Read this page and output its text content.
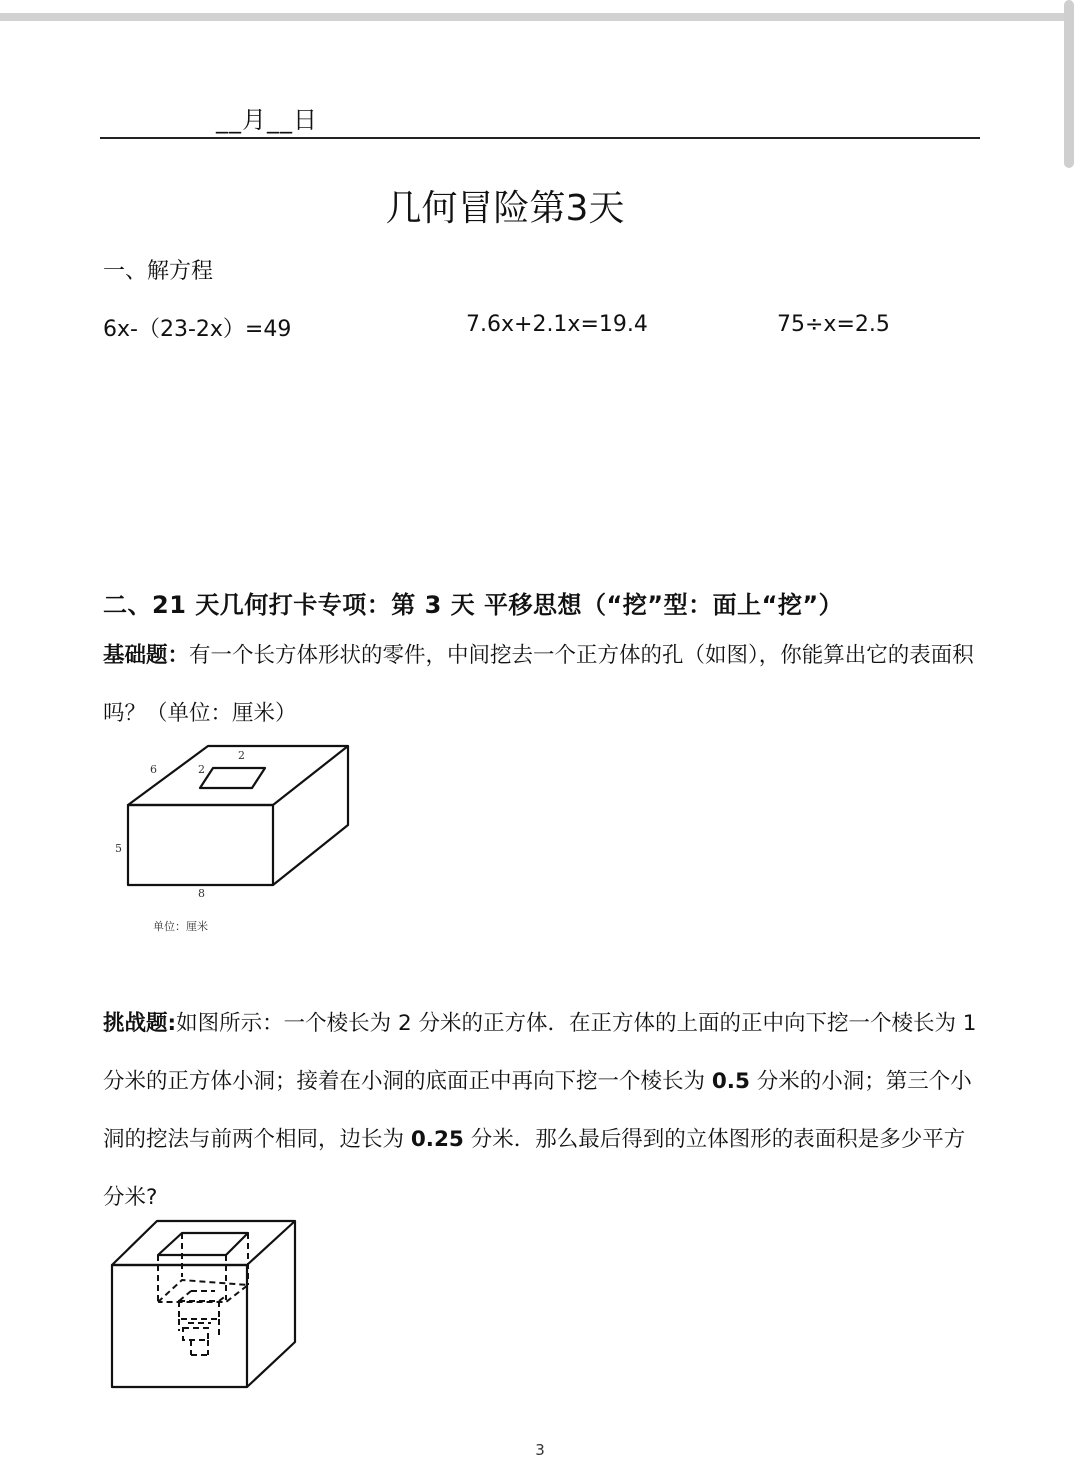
__月__日
几何冒险第3天
一、解方程
6x-（23-2x）=49	7.6x+2.1x=19.4	75÷x=2.5
二、21 天几何打卡专项：第 3 天 平移思想（“挖”型：面上“挖”）
基础题：有一个长方体形状的零件，中间挖去一个正方体的孔（如图），你能算出它的表面积吗？（单位：厘米）
2
2
6
5
8
单位：厘米
挑战题:如图所示：一个棱长为 2 分米的正方体．在正方体的上面的正中向下挖一个棱长为 1 分米的正方体小洞；接着在小洞的底面正中再向下挖一个棱长为 0.5 分米的小洞；第三个小洞的挖法与前两个相同，边长为 0.25 分米．那么最后得到的立体图形的表面积是多少平方分米?
3
